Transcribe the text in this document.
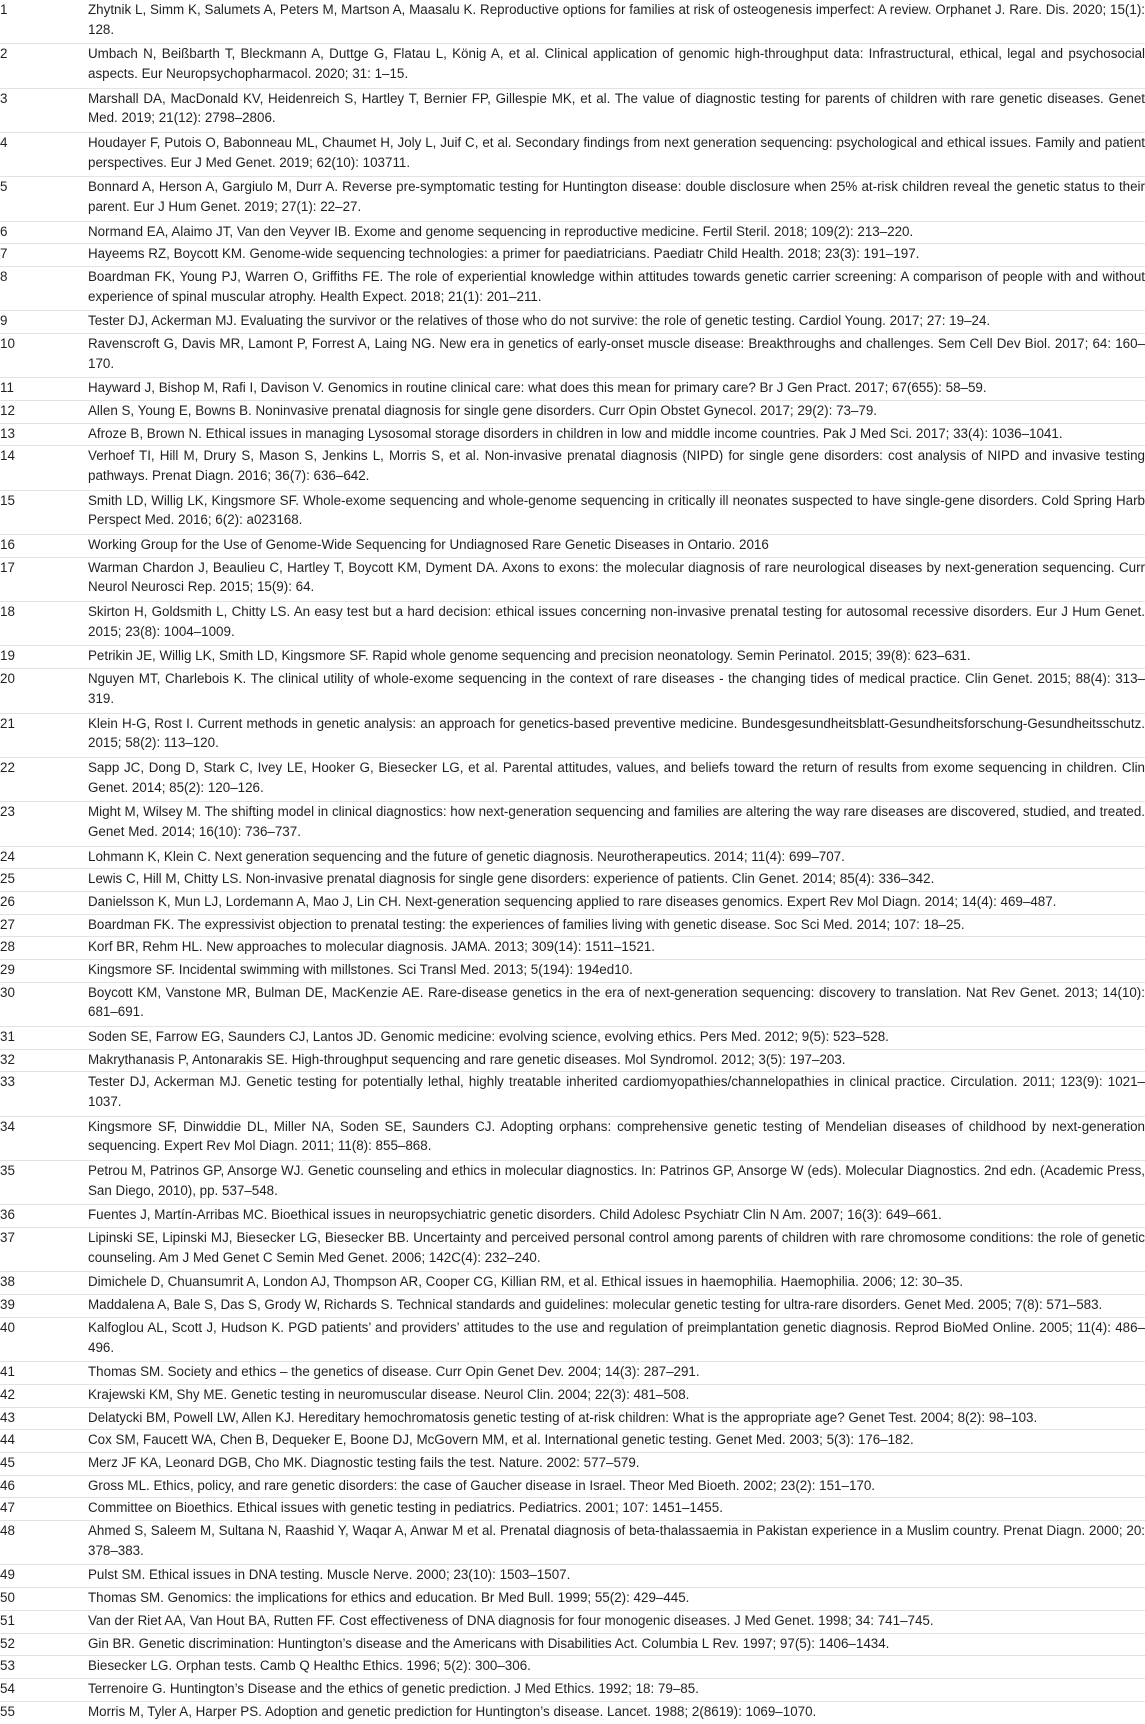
1	Zhytnik L, Simm K, Salumets A, Peters M, Martson A, Maasalu K. Reproductive options for families at risk of osteogenesis imperfect: A review. Orphanet J. Rare. Dis. 2020; 15(1): 128.
2	Umbach N, Beißbarth T, Bleckmann A, Duttge G, Flatau L, König A, et al. Clinical application of genomic high-throughput data: Infrastructural, ethical, legal and psychosocial aspects. Eur Neuropsychopharmacol. 2020; 31: 1–15.
3	Marshall DA, MacDonald KV, Heidenreich S, Hartley T, Bernier FP, Gillespie MK, et al. The value of diagnostic testing for parents of children with rare genetic diseases. Genet Med. 2019; 21(12): 2798–2806.
4	Houdayer F, Putois O, Babonneau ML, Chaumet H, Joly L, Juif C, et al. Secondary findings from next generation sequencing: psychological and ethical issues. Family and patient perspectives. Eur J Med Genet. 2019; 62(10): 103711.
5	Bonnard A, Herson A, Gargiulo M, Durr A. Reverse pre-symptomatic testing for Huntington disease: double disclosure when 25% at-risk children reveal the genetic status to their parent. Eur J Hum Genet. 2019; 27(1): 22–27.
6	Normand EA, Alaimo JT, Van den Veyver IB. Exome and genome sequencing in reproductive medicine. Fertil Steril. 2018; 109(2): 213–220.
7	Hayeems RZ, Boycott KM. Genome-wide sequencing technologies: a primer for paediatricians. Paediatr Child Health. 2018; 23(3): 191–197.
8	Boardman FK, Young PJ, Warren O, Griffiths FE. The role of experiential knowledge within attitudes towards genetic carrier screening: A comparison of people with and without experience of spinal muscular atrophy. Health Expect. 2018; 21(1): 201–211.
9	Tester DJ, Ackerman MJ. Evaluating the survivor or the relatives of those who do not survive: the role of genetic testing. Cardiol Young. 2017; 27: 19–24.
10	Ravenscroft G, Davis MR, Lamont P, Forrest A, Laing NG. New era in genetics of early-onset muscle disease: Breakthroughs and challenges. Sem Cell Dev Biol. 2017; 64: 160–170.
11	Hayward J, Bishop M, Rafi I, Davison V. Genomics in routine clinical care: what does this mean for primary care? Br J Gen Pract. 2017; 67(655): 58–59.
12	Allen S, Young E, Bowns B. Noninvasive prenatal diagnosis for single gene disorders. Curr Opin Obstet Gynecol. 2017; 29(2): 73–79.
13	Afroze B, Brown N. Ethical issues in managing Lysosomal storage disorders in children in low and middle income countries. Pak J Med Sci. 2017; 33(4): 1036–1041.
14	Verhoef TI, Hill M, Drury S, Mason S, Jenkins L, Morris S, et al. Non-invasive prenatal diagnosis (NIPD) for single gene disorders: cost analysis of NIPD and invasive testing pathways. Prenat Diagn. 2016; 36(7): 636–642.
15	Smith LD, Willig LK, Kingsmore SF. Whole-exome sequencing and whole-genome sequencing in critically ill neonates suspected to have single-gene disorders. Cold Spring Harb Perspect Med. 2016; 6(2): a023168.
16	Working Group for the Use of Genome-Wide Sequencing for Undiagnosed Rare Genetic Diseases in Ontario. 2016
17	Warman Chardon J, Beaulieu C, Hartley T, Boycott KM, Dyment DA. Axons to exons: the molecular diagnosis of rare neurological diseases by next-generation sequencing. Curr Neurol Neurosci Rep. 2015; 15(9): 64.
18	Skirton H, Goldsmith L, Chitty LS. An easy test but a hard decision: ethical issues concerning non-invasive prenatal testing for autosomal recessive disorders. Eur J Hum Genet. 2015; 23(8): 1004–1009.
19	Petrikin JE, Willig LK, Smith LD, Kingsmore SF. Rapid whole genome sequencing and precision neonatology. Semin Perinatol. 2015; 39(8): 623–631.
20	Nguyen MT, Charlebois K. The clinical utility of whole-exome sequencing in the context of rare diseases - the changing tides of medical practice. Clin Genet. 2015; 88(4): 313–319.
21	Klein H-G, Rost I. Current methods in genetic analysis: an approach for genetics-based preventive medicine. Bundesgesundheitsblatt-Gesundheitsforschung-Gesundheitsschutz. 2015; 58(2): 113–120.
22	Sapp JC, Dong D, Stark C, Ivey LE, Hooker G, Biesecker LG, et al. Parental attitudes, values, and beliefs toward the return of results from exome sequencing in children. Clin Genet. 2014; 85(2): 120–126.
23	Might M, Wilsey M. The shifting model in clinical diagnostics: how next-generation sequencing and families are altering the way rare diseases are discovered, studied, and treated. Genet Med. 2014; 16(10): 736–737.
24	Lohmann K, Klein C. Next generation sequencing and the future of genetic diagnosis. Neurotherapeutics. 2014; 11(4): 699–707.
25	Lewis C, Hill M, Chitty LS. Non-invasive prenatal diagnosis for single gene disorders: experience of patients. Clin Genet. 2014; 85(4): 336–342.
26	Danielsson K, Mun LJ, Lordemann A, Mao J, Lin CH. Next-generation sequencing applied to rare diseases genomics. Expert Rev Mol Diagn. 2014; 14(4): 469–487.
27	Boardman FK. The expressivist objection to prenatal testing: the experiences of families living with genetic disease. Soc Sci Med. 2014; 107: 18–25.
28	Korf BR, Rehm HL. New approaches to molecular diagnosis. JAMA. 2013; 309(14): 1511–1521.
29	Kingsmore SF. Incidental swimming with millstones. Sci Transl Med. 2013; 5(194): 194ed10.
30	Boycott KM, Vanstone MR, Bulman DE, MacKenzie AE. Rare-disease genetics in the era of next-generation sequencing: discovery to translation. Nat Rev Genet. 2013; 14(10): 681–691.
31	Soden SE, Farrow EG, Saunders CJ, Lantos JD. Genomic medicine: evolving science, evolving ethics. Pers Med. 2012; 9(5): 523–528.
32	Makrythanasis P, Antonarakis SE. High-throughput sequencing and rare genetic diseases. Mol Syndromol. 2012; 3(5): 197–203.
33	Tester DJ, Ackerman MJ. Genetic testing for potentially lethal, highly treatable inherited cardiomyopathies/channelopathies in clinical practice. Circulation. 2011; 123(9): 1021–1037.
34	Kingsmore SF, Dinwiddie DL, Miller NA, Soden SE, Saunders CJ. Adopting orphans: comprehensive genetic testing of Mendelian diseases of childhood by next-generation sequencing. Expert Rev Mol Diagn. 2011; 11(8): 855–868.
35	Petrou M, Patrinos GP, Ansorge WJ. Genetic counseling and ethics in molecular diagnostics. In: Patrinos GP, Ansorge W (eds). Molecular Diagnostics. 2nd edn. (Academic Press, San Diego, 2010), pp. 537–548.
36	Fuentes J, Martín-Arribas MC. Bioethical issues in neuropsychiatric genetic disorders. Child Adolesc Psychiatr Clin N Am. 2007; 16(3): 649–661.
37	Lipinski SE, Lipinski MJ, Biesecker LG, Biesecker BB. Uncertainty and perceived personal control among parents of children with rare chromosome conditions: the role of genetic counseling. Am J Med Genet C Semin Med Genet. 2006; 142C(4): 232–240.
38	Dimichele D, Chuansumrit A, London AJ, Thompson AR, Cooper CG, Killian RM, et al. Ethical issues in haemophilia. Haemophilia. 2006; 12: 30–35.
39	Maddalena A, Bale S, Das S, Grody W, Richards S. Technical standards and guidelines: molecular genetic testing for ultra-rare disorders. Genet Med. 2005; 7(8): 571–583.
40	Kalfoglou AL, Scott J, Hudson K. PGD patients’ and providers’ attitudes to the use and regulation of preimplantation genetic diagnosis. Reprod BioMed Online. 2005; 11(4): 486–496.
41	Thomas SM. Society and ethics – the genetics of disease. Curr Opin Genet Dev. 2004; 14(3): 287–291.
42	Krajewski KM, Shy ME. Genetic testing in neuromuscular disease. Neurol Clin. 2004; 22(3): 481–508.
43	Delatycki BM, Powell LW, Allen KJ. Hereditary hemochromatosis genetic testing of at-risk children: What is the appropriate age? Genet Test. 2004; 8(2): 98–103.
44	Cox SM, Faucett WA, Chen B, Dequeker E, Boone DJ, McGovern MM, et al. International genetic testing. Genet Med. 2003; 5(3): 176–182.
45	Merz JF KA, Leonard DGB, Cho MK. Diagnostic testing fails the test. Nature. 2002: 577–579.
46	Gross ML. Ethics, policy, and rare genetic disorders: the case of Gaucher disease in Israel. Theor Med Bioeth. 2002; 23(2): 151–170.
47	Committee on Bioethics. Ethical issues with genetic testing in pediatrics. Pediatrics. 2001; 107: 1451–1455.
48	Ahmed S, Saleem M, Sultana N, Raashid Y, Waqar A, Anwar M et al. Prenatal diagnosis of beta-thalassaemia in Pakistan experience in a Muslim country. Prenat Diagn. 2000; 20: 378–383.
49	Pulst SM. Ethical issues in DNA testing. Muscle Nerve. 2000; 23(10): 1503–1507.
50	Thomas SM. Genomics: the implications for ethics and education. Br Med Bull. 1999; 55(2): 429–445.
51	Van der Riet AA, Van Hout BA, Rutten FF. Cost effectiveness of DNA diagnosis for four monogenic diseases. J Med Genet. 1998; 34: 741–745.
52	Gin BR. Genetic discrimination: Huntington’s disease and the Americans with Disabilities Act. Columbia L Rev. 1997; 97(5): 1406–1434.
53	Biesecker LG. Orphan tests. Camb Q Healthc Ethics. 1996; 5(2): 300–306.
54	Terrenoire G. Huntington’s Disease and the ethics of genetic prediction. J Med Ethics. 1992; 18: 79–85.
55	Morris M, Tyler A, Harper PS. Adoption and genetic prediction for Huntington’s disease. Lancet. 1988; 2(8619): 1069–1070.
